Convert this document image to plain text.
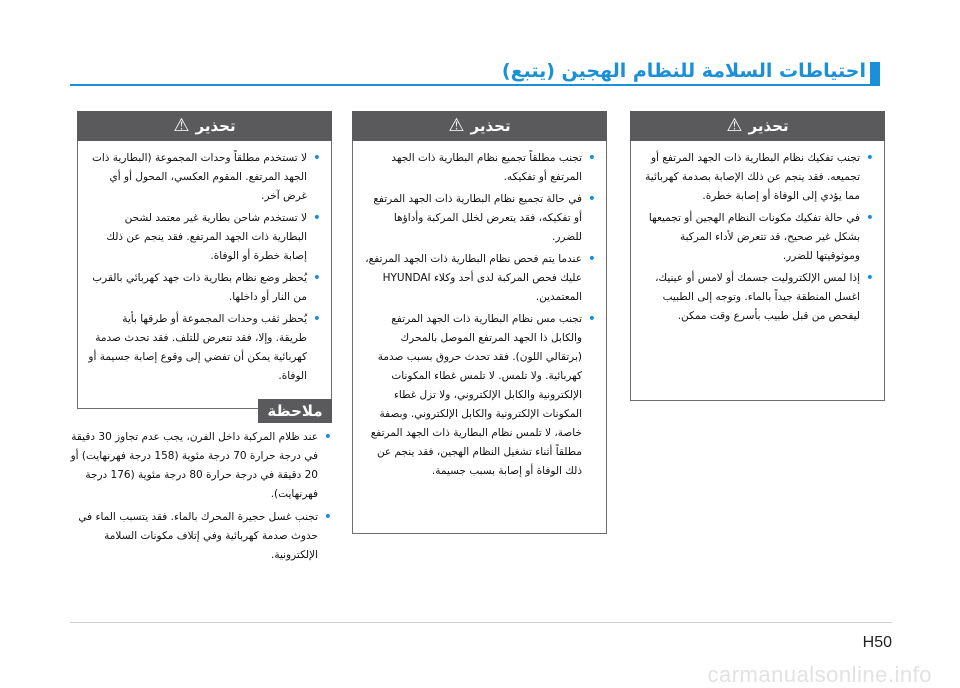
احتياطات السلامة للنظام الهجين (يتبع)
تحذير
⚠
• تجنب تفكيك نظام البطارية ذات الجهد المرتفع أو تجميعه. فقد ينجم عن ذلك الإصابة بصدمة كهربائية مما يؤدي إلى الوفاة أو إصابة خطرة.
• في حالة تفكيك مكونات النظام الهجين أو تجميعها بشكل غير صحيح، قد تتعرض لأداء المركبة وموثوقيتها للضرر.
• إذا لمس الإلكتروليت جسمك أو لامس أو عينيك، اغسل المنطقة جيداً بالماء. وتوجه إلى الطبيب ليفحص من قبل طبيب بأسرع وقت ممكن.
تحذير
⚠
• تجنب مطلقاً تجميع نظام البطارية ذات الجهد المرتفع أو تفكيكه.
• في حالة تجميع نظام البطارية ذات الجهد المرتفع أو تفكيكه، فقد يتعرض لخلل المركبة وأداؤها للضرر.
• عندما يتم فحص نظام البطارية ذات الجهد المرتفع، عليك فحص المركبة لدى أحد وكلاء HYUNDAI المعتمدين.
• تجنب مس نظام البطارية ذات الجهد المرتفع والكابل ذا الجهد المرتفع الموصل بالمحرك (برتقالي اللون). فقد تحدث حروق بسبب صدمة كهربائية. ولا تلمس. لا تلمس غطاء المكونات الإلكترونية والكابل الإلكتروني، ولا تزل غطاء المكونات الإلكترونية والكابل الإلكتروني. وبصفة خاصة، لا تلمس نظام البطارية ذات الجهد المرتفع مطلقاً أثناء تشغيل النظام الهجين، فقد ينجم عن ذلك الوفاة أو إصابة بسبب جسيمة.
تحذير
⚠
• لا تستخدم مطلقاً وحدات المجموعة (البطارية ذات الجهد المرتفع. المقوم العكسي، المحول أو أي غرض آخر.
• لا تستخدم شاحن بطارية غير معتمد لشحن البطارية ذات الجهد المرتفع. فقد ينجم عن ذلك إصابة خطرة أو الوفاة.
• يُحظر وضع نظام بطارية ذات جهد كهربائي بالقرب من النار أو داخلها.
• يُحظر ثقب وحدات المجموعة أو طرقها بأية طريقة. وإلا، فقد تتعرض للتلف. فقد تحدث صدمة كهربائية يمكن أن تفضي إلى وقوع إصابة جسيمة أو الوفاة.
ملاحظة
• عند ظلام المركبة داخل الفرن، يجب عدم تجاوز 30 دقيقة في درجة حرارة 70 درجة مئوية (158 درجة فهرنهايت) أو 20 دقيقة في درجة حرارة 80 درجة مئوية (176 درجة فهرنهايت).
• تجنب غسل حجيرة المحرك بالماء. فقد يتسبب الماء في حدوث صدمة كهربائية وفي إتلاف مكونات السلامة الإلكترونية.
H50
carmanualsonline.info
